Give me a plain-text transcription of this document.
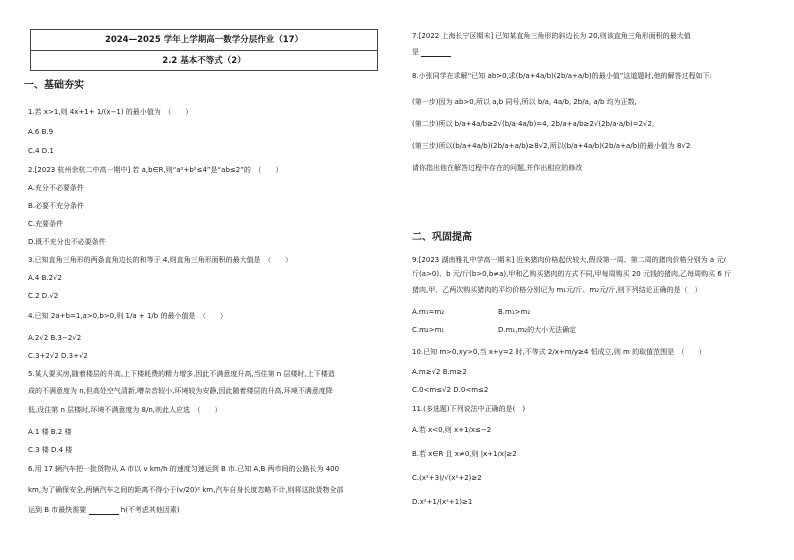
2024—2025 学年上学期高一数学分层作业（17）
2.2 基本不等式（2）
一、基础夯实
1.若 x>1,则 4x+1+ 1/(x−1) 的最小值为　（　　）
A.6 B.9
C.4 D.1
2.[2023 杭州余杭二中高一期中] 若 a,b∈R,则“a²+b²≤4”是“ab≤2”的　（　　）
A.充分不必要条件
B.必要不充分条件
C.充要条件
D.既不充分也不必要条件
3.已知直角三角形的两条直角边长的和等于 4,则直角三角形面积的最大值是　（　　）
A.4 B.2√2
C.2 D.√2
4.已知 2a+b=1,a>0,b>0,则 1/a + 1/b 的最小值是　（　　）
A.2√2 B.3−2√2
C.3+2√2 D.3+√2
5.某人要买房,随着楼层的升高,上下楼耗费的精力增多,因此不满意度升高,当住第 n 层楼时,上下楼造
成的不满意度为 n,但高处空气清新,嘈杂音较小,环境较为安静,因此随着楼层的升高,环境不满意度降
低,设住第 n 层楼时,环境不满意度为 8/n,则此人应选　（　　）
A.1 楼 B.2 楼
C.3 楼 D.4 楼
6.用 17 辆汽车把一批货物从 A 市以 v km/h 的速度匀速运到 B 市.已知 A,B 两市间的公路长为 400
km,为了确保安全,两辆汽车之间的距离不得小于(v/20)² km,汽车自身长度忽略不计,则将这批货物全部
运到 B 市最快需要	h(不考虑其他因素)
7.[2022 上海长宁区期末] 已知某直角三角形的斜边长为 20,则该直角三角形面积的最大值
是
8.小张同学在求解“已知 ab>0,求(b/a+4a/b)(2b/a+a/b)的最小值”这道题时,他的解答过程如下:
(第一步)因为 ab>0,所以 a,b 同号,所以 b/a, 4a/b, 2b/a, a/b 均为正数,
(第二步)所以 b/a+4a/b≥2√(b/a·4a/b)=4, 2b/a+a/b≥2√(2b/a·a/b)=2√2,
(第三步)所以(b/a+4a/b)(2b/a+a/b)≥8√2,所以(b/a+4a/b)(2b/a+a/b)的最小值为 8√2
请你指出他在解答过程中存在的问题,并作出相应的修改
二、巩固提高
9.[2023 湖南雅礼中学高一期末] 近来猪肉价格起伏较大,假设第一周、第二周的猪肉价格分别为 a 元/
斤(a>0)、b 元/斤(b>0,b≠a),甲和乙购买猪肉的方式不同,甲每周购买 20 元钱的猪肉,乙每周购买 6 斤
猪肉,甲、乙两次购买猪肉的平均价格分别记为 m₁元/斤、m₂元/斤,则下列结论正确的是（　）
A.m₁=m₂	B.m₁>m₂
C.m₂>m₁	D.m₁,m₂的大小无法确定
10.已知 m>0,xy>0,当 x+y=2 时,不等式 2/x+m/y≥4 恒成立,则 m 的取值范围是　（　　）
A.m≥√2 B.m≥2
C.0<m≤√2 D.0<m≤2
11.(多选题)下列说法中正确的是(　)
A.若 x<0,则 x+1/x≤−2
B.若 x∈R 且 x≠0,则 |x+1/x|≥2
C.(x²+3)/√(x²+2)≥2
D.x²+1/(x²+1)≥1
